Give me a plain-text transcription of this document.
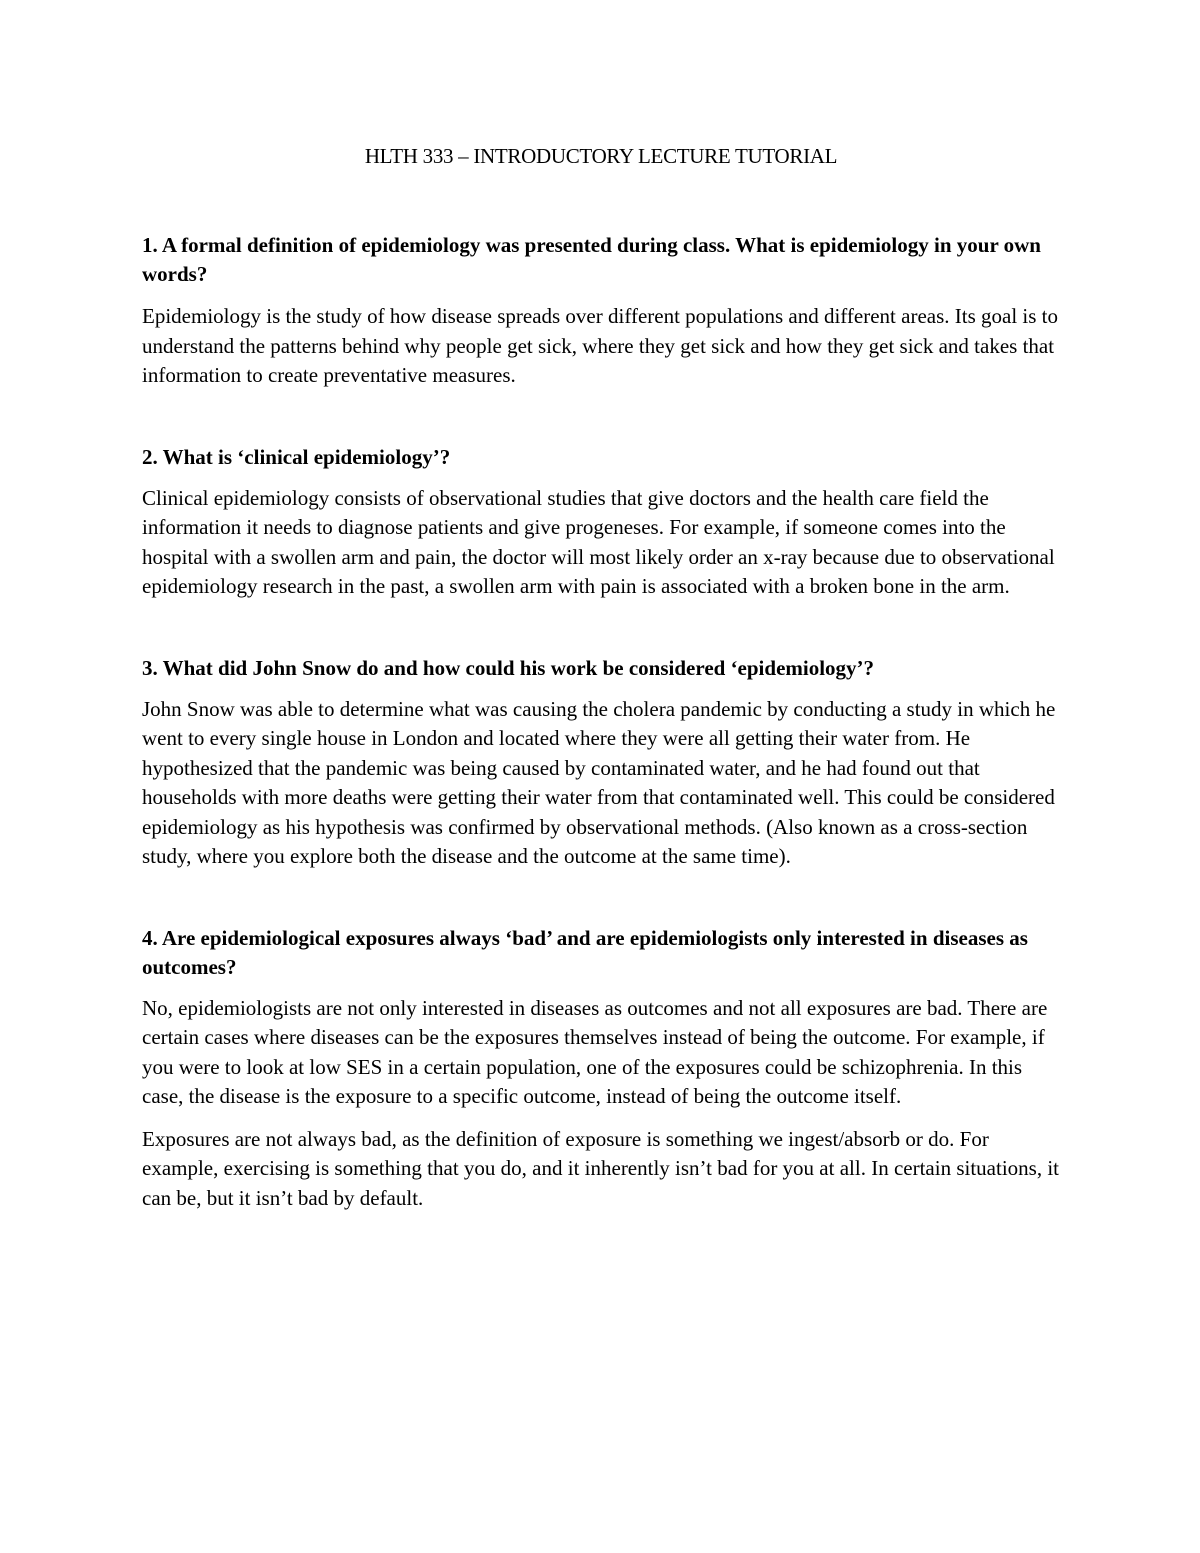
HLTH 333 – INTRODUCTORY LECTURE TUTORIAL

1. A formal definition of epidemiology was presented during class. What is epidemiology in your own words?

Epidemiology is the study of how disease spreads over different populations and different areas. Its goal is to understand the patterns behind why people get sick, where they get sick and how they get sick and takes that information to create preventative measures.

2. What is ‘clinical epidemiology’?

Clinical epidemiology consists of observational studies that give doctors and the health care field the information it needs to diagnose patients and give progeneses. For example, if someone comes into the hospital with a swollen arm and pain, the doctor will most likely order an x-ray because due to observational epidemiology research in the past, a swollen arm with pain is associated with a broken bone in the arm.

3. What did John Snow do and how could his work be considered ‘epidemiology’?

John Snow was able to determine what was causing the cholera pandemic by conducting a study in which he went to every single house in London and located where they were all getting their water from. He hypothesized that the pandemic was being caused by contaminated water, and he had found out that households with more deaths were getting their water from that contaminated well. This could be considered epidemiology as his hypothesis was confirmed by observational methods. (Also known as a cross-section study, where you explore both the disease and the outcome at the same time).

4. Are epidemiological exposures always ‘bad’ and are epidemiologists only interested in diseases as outcomes?

No, epidemiologists are not only interested in diseases as outcomes and not all exposures are bad. There are certain cases where diseases can be the exposures themselves instead of being the outcome. For example, if you were to look at low SES in a certain population, one of the exposures could be schizophrenia. In this case, the disease is the exposure to a specific outcome, instead of being the outcome itself.

Exposures are not always bad, as the definition of exposure is something we ingest/absorb or do. For example, exercising is something that you do, and it inherently isn’t bad for you at all. In certain situations, it can be, but it isn’t bad by default.
